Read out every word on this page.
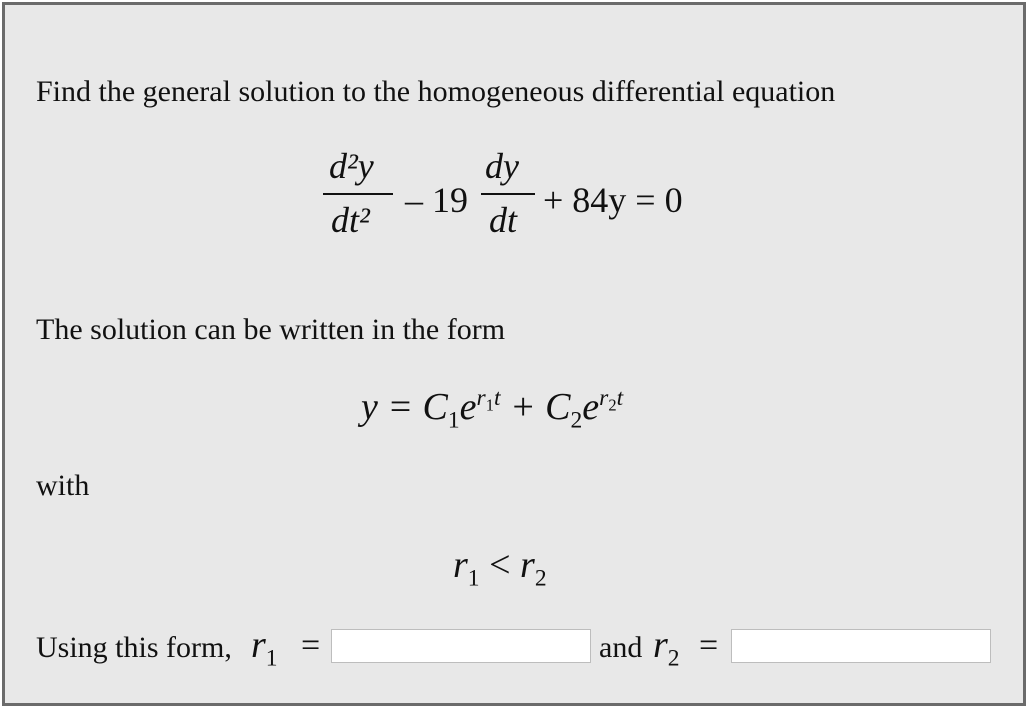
Find the general solution to the homogeneous differential equation
d²y
dt² – 19
dy
dt + 84y = 0
The solution can be written in the form
$y = C_1e^{r_1t} + C_2e^{r_2t}$
with
$r_1 < r_2$
Using this form, $r_1$ =	and $r_2$ =
